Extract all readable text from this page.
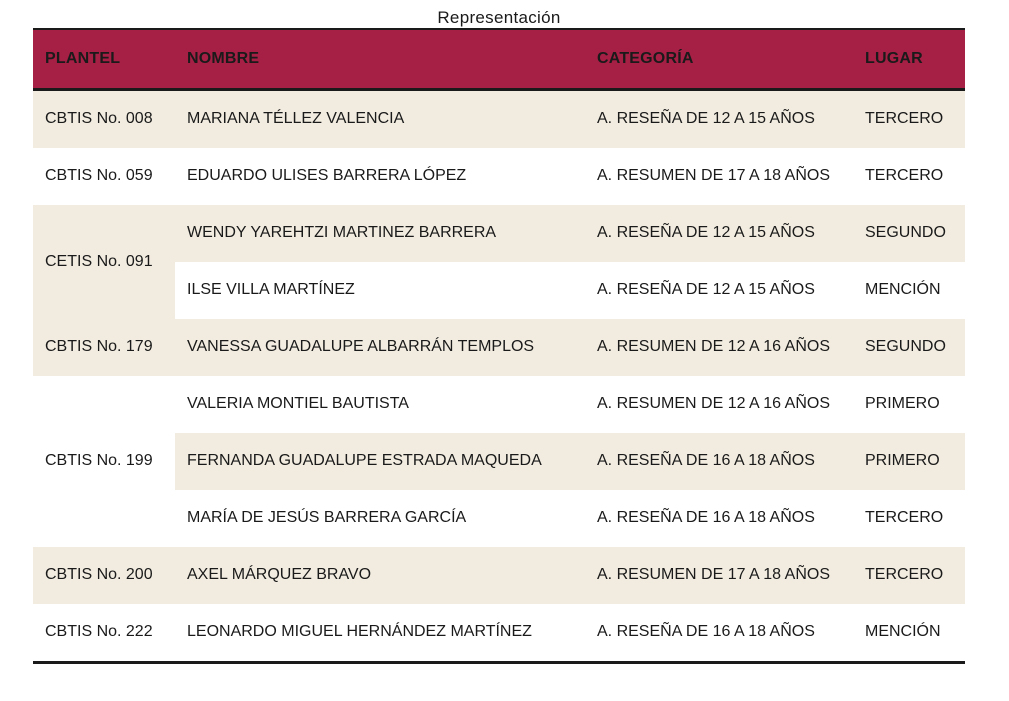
Representación
PLANTEL	NOMBRE	CATEGORÍA	LUGAR
CBTIS No. 008	MARIANA TÉLLEZ VALENCIA	A. RESEÑA DE 12 A 15 AÑOS	TERCERO
CBTIS No. 059	EDUARDO ULISES BARRERA LÓPEZ	A. RESUMEN DE 17 A 18 AÑOS	TERCERO
CETIS No. 091	WENDY YAREHTZI MARTINEZ BARRERA	A. RESEÑA DE 12 A 15 AÑOS	SEGUNDO
	ILSE VILLA MARTÍNEZ	A. RESEÑA DE 12 A 15 AÑOS	MENCIÓN
CBTIS No. 179	VANESSA GUADALUPE ALBARRÁN TEMPLOS	A. RESUMEN DE 12 A 16 AÑOS	SEGUNDO
CBTIS No. 199	VALERIA MONTIEL BAUTISTA	A. RESUMEN DE 12 A 16 AÑOS	PRIMERO
	FERNANDA GUADALUPE ESTRADA MAQUEDA	A. RESEÑA DE 16 A 18 AÑOS	PRIMERO
	MARÍA DE JESÚS BARRERA GARCÍA	A. RESEÑA DE 16 A 18 AÑOS	TERCERO
CBTIS No. 200	AXEL MÁRQUEZ BRAVO	A. RESUMEN DE 17 A 18 AÑOS	TERCERO
CBTIS No. 222	LEONARDO MIGUEL HERNÁNDEZ MARTÍNEZ	A. RESEÑA DE 16 A 18 AÑOS	MENCIÓN
